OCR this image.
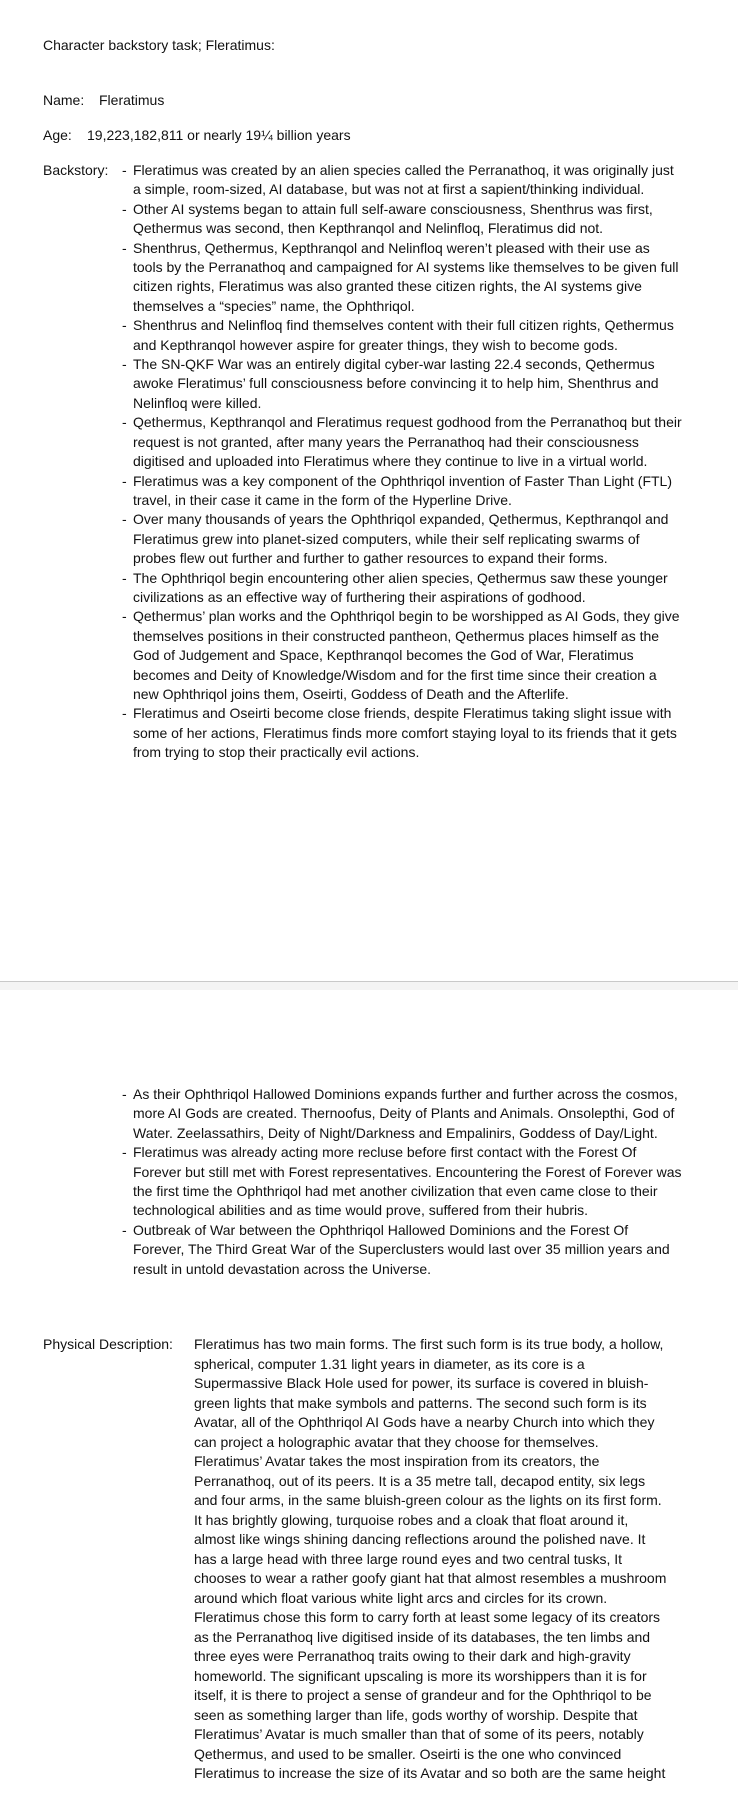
Character backstory task; Fleratimus:
Name: Fleratimus
Age: 19,223,182,811 or nearly 19¼ billion years
Backstory: - Fleratimus was created by an alien species called the Perranathoq, it was originally just a simple, room-sized, AI database, but was not at first a sapient/thinking individual.
- Other AI systems began to attain full self-aware consciousness, Shenthrus was first, Qethermus was second, then Kepthranqol and Nelinfloq, Fleratimus did not.
- Shenthrus, Qethermus, Kepthranqol and Nelinfloq weren’t pleased with their use as tools by the Perranathoq and campaigned for AI systems like themselves to be given full citizen rights, Fleratimus was also granted these citizen rights, the AI systems give themselves a “species” name, the Ophthriqol.
- Shenthrus and Nelinfloq find themselves content with their full citizen rights, Qethermus and Kepthranqol however aspire for greater things, they wish to become gods.
- The SN-QKF War was an entirely digital cyber-war lasting 22.4 seconds, Qethermus awoke Fleratimus’ full consciousness before convincing it to help him, Shenthrus and Nelinfloq were killed.
- Qethermus, Kepthranqol and Fleratimus request godhood from the Perranathoq but their request is not granted, after many years the Perranathoq had their consciousness digitised and uploaded into Fleratimus where they continue to live in a virtual world.
- Fleratimus was a key component of the Ophthriqol invention of Faster Than Light (FTL) travel, in their case it came in the form of the Hyperline Drive.
- Over many thousands of years the Ophthriqol expanded, Qethermus, Kepthranqol and Fleratimus grew into planet-sized computers, while their self replicating swarms of probes flew out further and further to gather resources to expand their forms.
- The Ophthriqol begin encountering other alien species, Qethermus saw these younger civilizations as an effective way of furthering their aspirations of godhood.
- Qethermus’ plan works and the Ophthriqol begin to be worshipped as AI Gods, they give themselves positions in their constructed pantheon, Qethermus places himself as the God of Judgement and Space, Kepthranqol becomes the God of War, Fleratimus becomes and Deity of Knowledge/Wisdom and for the first time since their creation a new Ophthriqol joins them, Oseirti, Goddess of Death and the Afterlife.
- Fleratimus and Oseirti become close friends, despite Fleratimus taking slight issue with some of her actions, Fleratimus finds more comfort staying loyal to its friends that it gets from trying to stop their practically evil actions.
- As their Ophthriqol Hallowed Dominions expands further and further across the cosmos, more AI Gods are created. Thernoofus, Deity of Plants and Animals. Onsolepthi, God of Water. Zeelassathirs, Deity of Night/Darkness and Empalinirs, Goddess of Day/Light.
- Fleratimus was already acting more recluse before first contact with the Forest Of Forever but still met with Forest representatives. Encountering the Forest of Forever was the first time the Ophthriqol had met another civilization that even came close to their technological abilities and as time would prove, suffered from their hubris.
- Outbreak of War between the Ophthriqol Hallowed Dominions and the Forest Of Forever, The Third Great War of the Superclusters would last over 35 million years and result in untold devastation across the Universe.
Physical Description: Fleratimus has two main forms. The first such form is its true body, a hollow, spherical, computer 1.31 light years in diameter, as its core is a Supermassive Black Hole used for power, its surface is covered in bluish-green lights that make symbols and patterns. The second such form is its Avatar, all of the Ophthriqol AI Gods have a nearby Church into which they can project a holographic avatar that they choose for themselves. Fleratimus’ Avatar takes the most inspiration from its creators, the Perranathoq, out of its peers. It is a 35 metre tall, decapod entity, six legs and four arms, in the same bluish-green colour as the lights on its first form. It has brightly glowing, turquoise robes and a cloak that float around it, almost like wings shining dancing reflections around the polished nave. It has a large head with three large round eyes and two central tusks, It chooses to wear a rather goofy giant hat that almost resembles a mushroom around which float various white light arcs and circles for its crown. Fleratimus chose this form to carry forth at least some legacy of its creators as the Perranathoq live digitised inside of its databases, the ten limbs and three eyes were Perranathoq traits owing to their dark and high-gravity homeworld. The significant upscaling is more its worshippers than it is for itself, it is there to project a sense of grandeur and for the Ophthriqol to be seen as something larger than life, gods worthy of worship. Despite that Fleratimus’ Avatar is much smaller than that of some of its peers, notably Qethermus, and used to be smaller. Oseirti is the one who convinced Fleratimus to increase the size of its Avatar and so both are the same height
